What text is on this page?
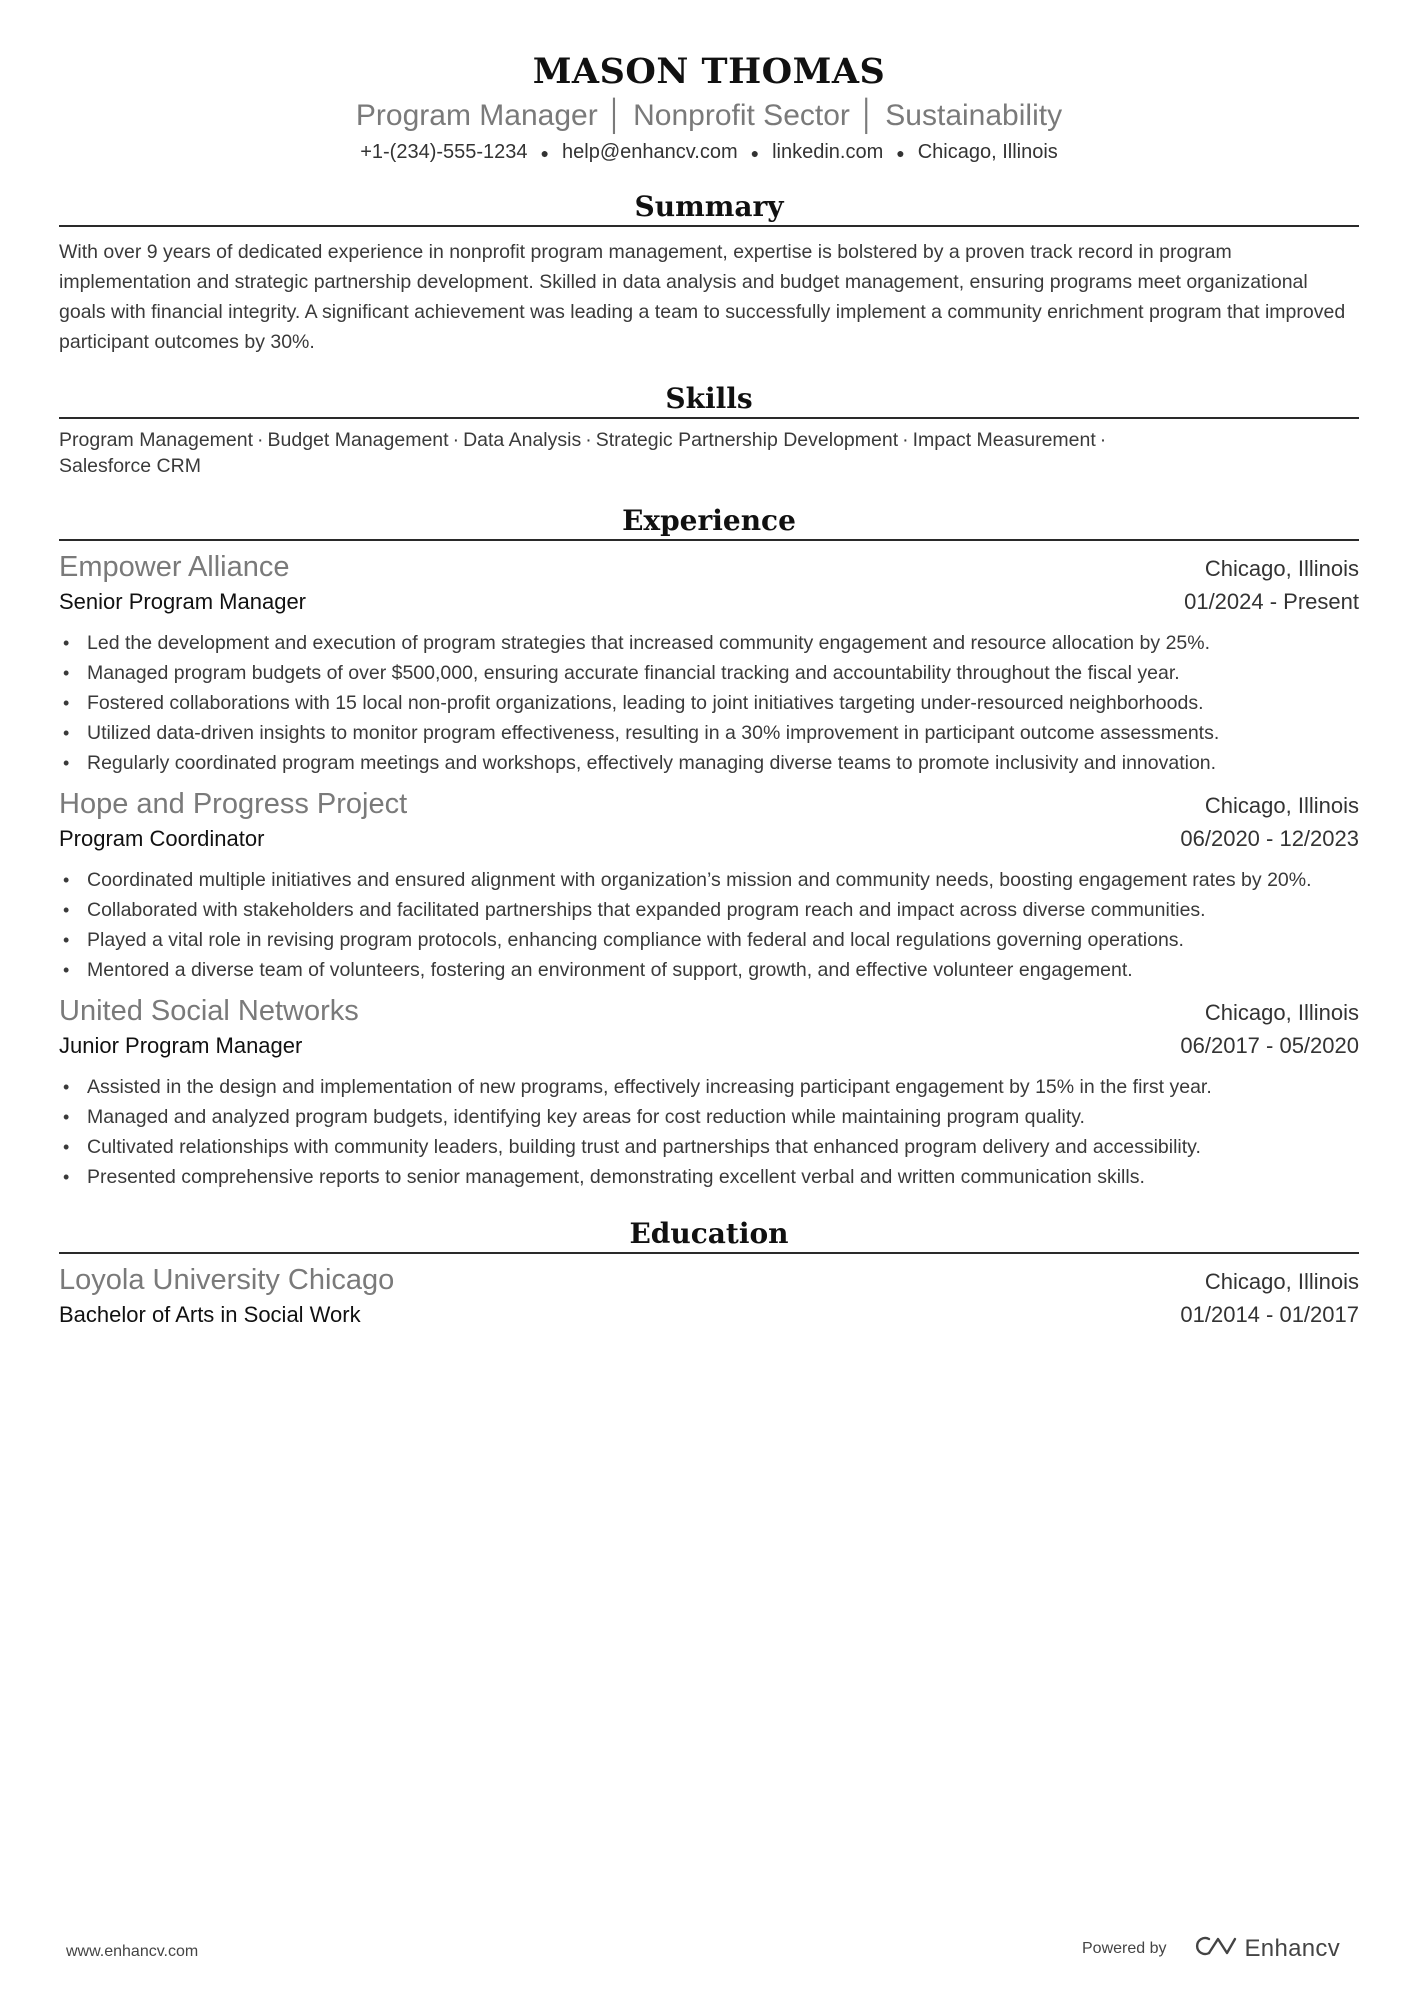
MASON THOMAS
Program Manager │ Nonprofit Sector │ Sustainability
+1-(234)-555-1234 ● help@enhancv.com ● linkedin.com ● Chicago, Illinois
Summary
With over 9 years of dedicated experience in nonprofit program management, expertise is bolstered by a proven track record in program implementation and strategic partnership development. Skilled in data analysis and budget management, ensuring programs meet organizational goals with financial integrity. A significant achievement was leading a team to successfully implement a community enrichment program that improved participant outcomes by 30%.
Skills
Program Management · Budget Management · Data Analysis · Strategic Partnership Development · Impact Measurement ·
Salesforce CRM
Experience
Empower Alliance	Chicago, Illinois
Senior Program Manager	01/2024 - Present
• Led the development and execution of program strategies that increased community engagement and resource allocation by 25%.
• Managed program budgets of over $500,000, ensuring accurate financial tracking and accountability throughout the fiscal year.
• Fostered collaborations with 15 local non-profit organizations, leading to joint initiatives targeting under-resourced neighborhoods.
• Utilized data-driven insights to monitor program effectiveness, resulting in a 30% improvement in participant outcome assessments.
• Regularly coordinated program meetings and workshops, effectively managing diverse teams to promote inclusivity and innovation.
Hope and Progress Project	Chicago, Illinois
Program Coordinator	06/2020 - 12/2023
• Coordinated multiple initiatives and ensured alignment with organization’s mission and community needs, boosting engagement rates by 20%.
• Collaborated with stakeholders and facilitated partnerships that expanded program reach and impact across diverse communities.
• Played a vital role in revising program protocols, enhancing compliance with federal and local regulations governing operations.
• Mentored a diverse team of volunteers, fostering an environment of support, growth, and effective volunteer engagement.
United Social Networks	Chicago, Illinois
Junior Program Manager	06/2017 - 05/2020
• Assisted in the design and implementation of new programs, effectively increasing participant engagement by 15% in the first year.
• Managed and analyzed program budgets, identifying key areas for cost reduction while maintaining program quality.
• Cultivated relationships with community leaders, building trust and partnerships that enhanced program delivery and accessibility.
• Presented comprehensive reports to senior management, demonstrating excellent verbal and written communication skills.
Education
Loyola University Chicago	Chicago, Illinois
Bachelor of Arts in Social Work	01/2014 - 01/2017
www.enhancv.com	Powered by	Enhancv
